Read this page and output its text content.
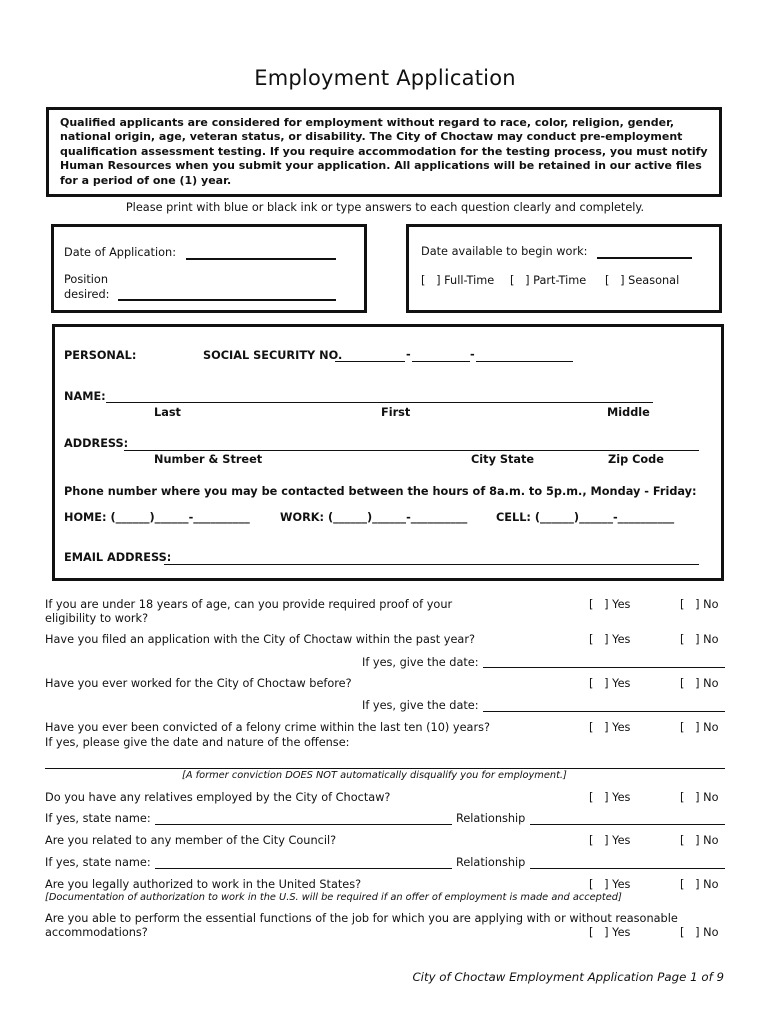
Employment Application
Qualified applicants are considered for employment without regard to race, color, religion, gender, national origin, age, veteran status, or disability. The City of Choctaw may conduct pre-employment qualification assessment testing. If you require accommodation for the testing process, you must notify Human Resources when you submit your application. All applications will be retained in our active files for a period of one (1) year.
Please print with blue or black ink or type answers to each question clearly and completely.
Date of Application:
Position
desired:
Date available to begin work:
[   ] Full-Time [   ] Part-Time [   ] Seasonal
PERSONAL:	SOCIAL SECURITY NO.	-	-
NAME:
Last	First	Middle
ADDRESS:
Number & Street	City State	Zip Code
Phone number where you may be contacted between the hours of 8a.m. to 5p.m., Monday - Friday:
HOME: (______)______-__________	WORK: (______)______-__________	CELL: (______)______-__________
EMAIL ADDRESS:
If you are under 18 years of age, can you provide required proof of your eligibility to work?
[   ] Yes	[   ] No
Have you filed an application with the City of Choctaw within the past year?	[   ] Yes	[   ] No
If yes, give the date:
Have you ever worked for the City of Choctaw before?	[   ] Yes	[   ] No
If yes, give the date:
Have you ever been convicted of a felony crime within the last ten (10) years?
If yes, please give the date and nature of the offense:
[   ] Yes	[   ] No
[A former conviction DOES NOT automatically disqualify you for employment.]
Do you have any relatives employed by the City of Choctaw?	[   ] Yes	[   ] No
If yes, state name:	Relationship
Are you related to any member of the City Council?	[   ] Yes	[   ] No
If yes, state name:	Relationship
Are you legally authorized to work in the United States?	[   ] Yes	[   ] No
[Documentation of authorization to work in the U.S. will be required if an offer of employment is made and accepted]
Are you able to perform the essential functions of the job for which you are applying with or without reasonable
accommodations?	[   ] Yes	[   ] No
City of Choctaw Employment Application Page 1 of 9
